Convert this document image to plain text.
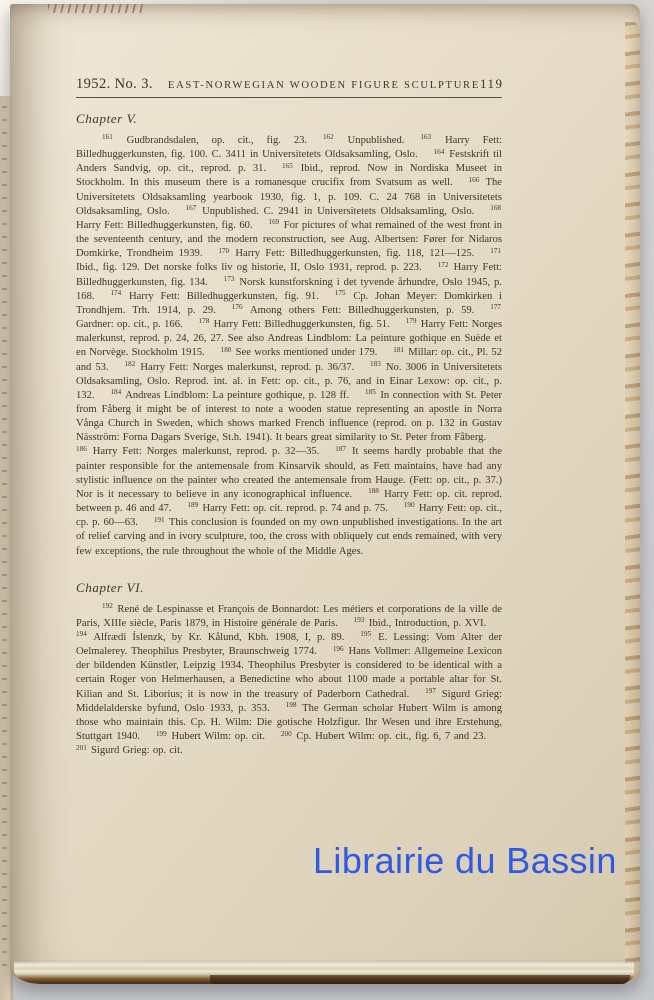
1952. No. 3. EAST-NORWEGIAN WOODEN FIGURE SCULPTURE 119
Chapter V.

$^{161}$ Gudbrandsdalen, op. cit., fig. 23.   $^{162}$ Unpublished.   $^{163}$ Harry Fett: Billedhuggerkunsten, fig. 100. C. 3411 in Universitetets Oldsaksamling, Oslo.   $^{164}$ Festskrift til Anders Sandvig, op. cit., reprod. p. 31.   $^{165}$ Ibid., reprod. Now in Nordiska Museet in Stockholm. In this museum there is a romanesque crucifix from Svatsum as well.   $^{166}$ The Universitetets Oldsaksamling yearbook 1930, fig. 1, p. 109. C. 24 768 in Universitetets Oldsaksamling, Oslo.   $^{167}$ Unpublished. C. 2941 in Universitetets Oldsaksamling, Oslo.   $^{168}$ Harry Fett: Billedhuggerkunsten, fig. 60.   $^{169}$ For pictures of what remained of the west front in the seventeenth century, and the modern reconstruction, see Aug. Albertsen: Fører for Nidaros Domkirke, Trondheim 1939.   $^{170}$ Harry Fett: Billedhuggerkunsten, fig. 118, 121—125.   $^{171}$ Ibid., fig. 129. Det norske folks liv og historie, II, Oslo 1931, reprod. p. 223.   $^{172}$ Harry Fett: Billedhuggerkunsten, fig. 134.   $^{173}$ Norsk kunstforskning i det tyvende århundre, Oslo 1945, p. 168.   $^{174}$ Harry Fett: Billedhuggerkunsten, fig. 91.   $^{175}$ Cp. Johan Meyer: Domkirken i Trondhjem. Trh. 1914, p. 29.   $^{176}$ Among others Fett: Billedhuggerkunsten, p. 59.   $^{177}$ Gardner: op. cit., p. 166.   $^{178}$ Harry Fett: Billedhuggerkunsten, fig. 51.   $^{179}$ Harry Fett: Norges malerkunst, reprod. p. 24, 26, 27. See also Andreas Lindblom: La peinture gothique en Suède et en Norvège. Stockholm 1915.   $^{180}$ See works mentioned under 179.   $^{181}$ Millar: op. cit., Pl. 52 and 53.   $^{182}$ Harry Fett: Norges malerkunst, reprod. p. 36/37.   $^{183}$ No. 3006 in Universitetets Oldsaksamling, Oslo. Reprod. int. al. in Fett: op. cit., p. 76, and in Einar Lexow: op. cit., p. 132.   $^{184}$ Andreas Lindblom: La peinture gothique, p. 128 ff.   $^{185}$ In connection with St. Peter from Fåberg it might be of interest to note a wooden statue representing an apostle in Norra Vånga Church in Sweden, which shows marked French influence (reprod. on p. 132 in Gustav Näsström: Forna Dagars Sverige, St.h. 1941). It bears great similarity to St. Peter from Fåberg.  $^{186}$ Harry Fett: Norges malerkunst, reprod. p. 32—35.   $^{187}$ It seems hardly probable that the painter responsible for the antemensale from Kinsarvik should, as Fett maintains, have had any stylistic influence on the painter who created the antemensale from Hauge. (Fett: op. cit., p. 37.) Nor is it necessary to believe in any iconographical influence.   $^{188}$ Harry Fett: op. cit. reprod. between p. 46 and 47.   $^{189}$ Harry Fett: op. cit. reprod. p. 74 and p. 75.   $^{190}$ Harry Fett: op. cit., cp. p. 60—63.   $^{191}$ This conclusion is founded on my own unpublished investigations. In the art of relief carving and in ivory sculpture, too, the cross with obliquely cut ends remained, with very few exceptions, the rule throughout the whole of the Middle Ages.

Chapter VI.

$^{192}$ René de Lespinasse et François de Bonnardot: Les métiers et corporations de la ville de Paris, XIIIe siècle, Paris 1879, in Histoire générale de Paris.   $^{193}$ Ibid., Introduction, p. XVI.  $^{194}$ Alfrædi Íslenzk, by Kr. Kålund, Kbh. 1908, I, p. 89.   $^{195}$ E. Lessing: Vom Alter der Oelmalerey. Theophilus Presbyter, Braunschweig 1774.   $^{196}$ Hans Vollmer: Allgemeine Lexicon der bildenden Künstler, Leipzig 1934. Theophilus Presbyter is considered to be identical with a certain Roger von Helmerhausen, a Benedictine who about 1100 made a portable altar for St. Kilian and St. Liborius; it is now in the treasury of Paderborn Cathedral.   $^{197}$ Sigurd Grieg: Middelalderske byfund, Oslo 1933, p. 353.   $^{198}$ The German scholar Hubert Wilm is among those who maintain this. Cp. H. Wilm: Die gotische Holzfigur. Ihr Wesen und ihre Erstehung, Stuttgart 1940.   $^{199}$ Hubert Wilm: op. cit.   $^{200}$ Cp. Hubert Wilm: op. cit., fig. 6, 7 and 23.  $^{201}$ Sigurd Grieg: op. cit.

Librairie du Bassin
